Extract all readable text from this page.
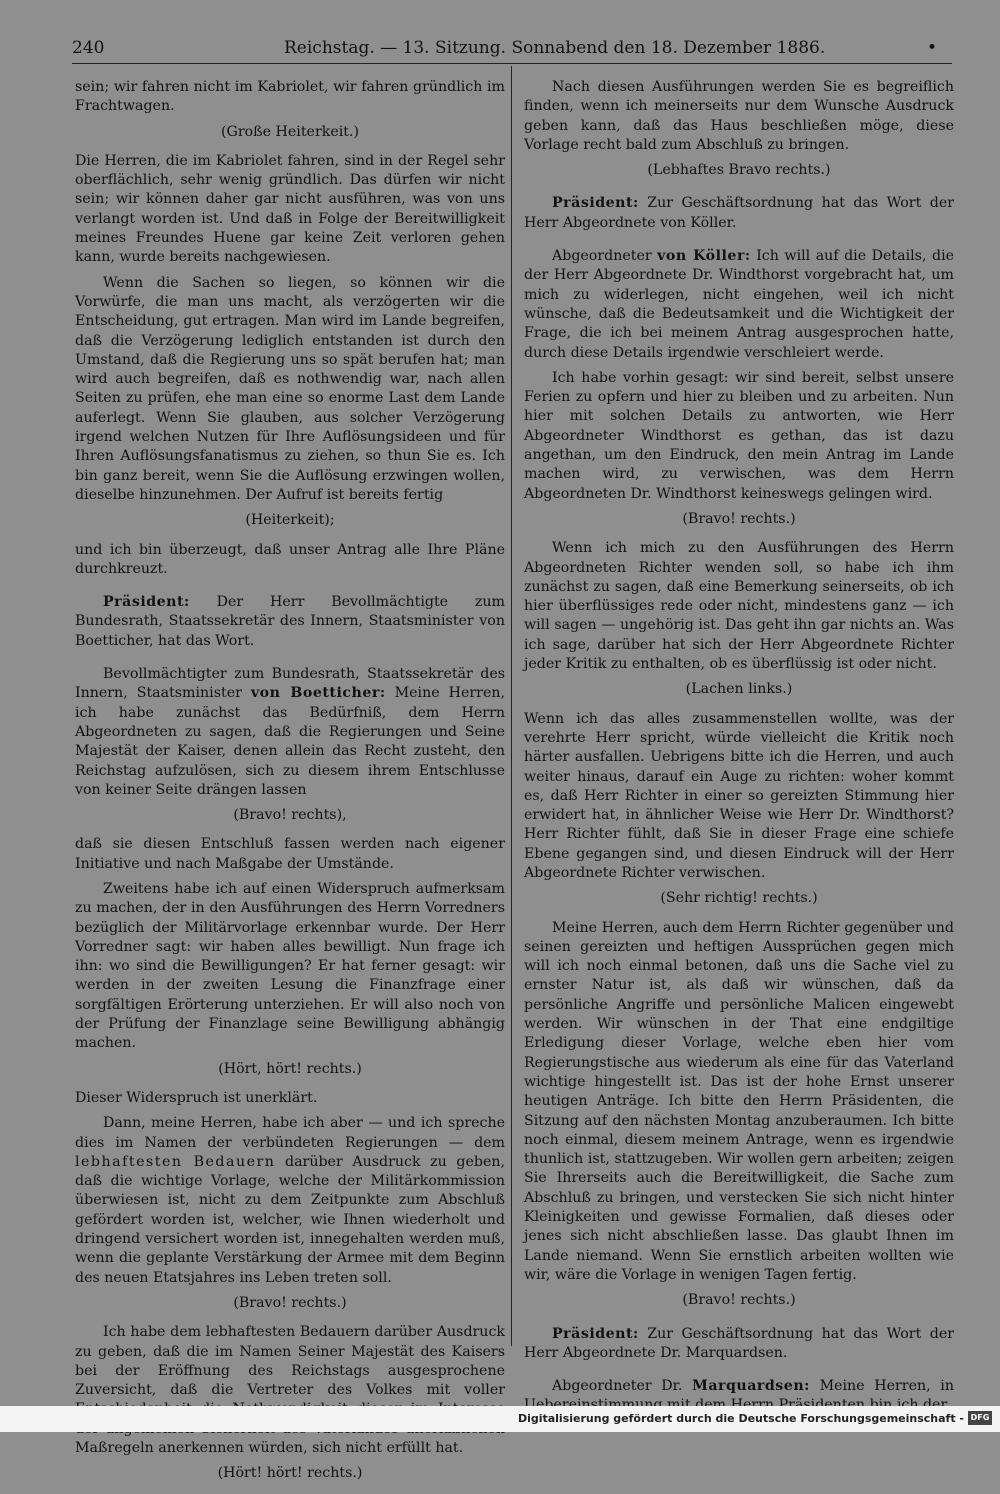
240	Reichstag. — 13. Sitzung. Sonnabend den 18. Dezember 1886.	•

sein; wir fahren nicht im Kabriolet, wir fahren gründlich im Frachtwagen.

(Große Heiterkeit.)

Die Herren, die im Kabriolet fahren, sind in der Regel sehr oberflächlich, sehr wenig gründlich. Das dürfen wir nicht sein; wir können daher gar nicht ausführen, was von uns verlangt worden ist. Und daß in Folge der Bereitwilligkeit meines Freundes Huene gar keine Zeit verloren gehen kann, wurde bereits nachgewiesen.

Wenn die Sachen so liegen, so können wir die Vorwürfe, die man uns macht, als verzögerten wir die Entscheidung, gut ertragen. Man wird im Lande begreifen, daß die Verzögerung lediglich entstanden ist durch den Umstand, daß die Regierung uns so spät berufen hat; man wird auch begreifen, daß es nothwendig war, nach allen Seiten zu prüfen, ehe man eine so enorme Last dem Lande auferlegt. Wenn Sie glauben, aus solcher Verzögerung irgend welchen Nutzen für Ihre Auflösungsideen und für Ihren Auflösungsfanatismus zu ziehen, so thun Sie es. Ich bin ganz bereit, wenn Sie die Auflösung erzwingen wollen, dieselbe hinzunehmen. Der Aufruf ist bereits fertig

(Heiterkeit);

und ich bin überzeugt, daß unser Antrag alle Ihre Pläne durchkreuzt.

Präsident: Der Herr Bevollmächtigte zum Bundesrath, Staatssekretär des Innern, Staatsminister von Boetticher, hat das Wort.

Bevollmächtigter zum Bundesrath, Staatssekretär des Innern, Staatsminister von Boetticher: Meine Herren, ich habe zunächst das Bedürfniß, dem Herrn Abgeordneten zu sagen, daß die Regierungen und Seine Majestät der Kaiser, denen allein das Recht zusteht, den Reichstag aufzulösen, sich zu diesem ihrem Entschlusse von keiner Seite drängen lassen

(Bravo! rechts),

daß sie diesen Entschluß fassen werden nach eigener Initiative und nach Maßgabe der Umstände.

Zweitens habe ich auf einen Widerspruch aufmerksam zu machen, der in den Ausführungen des Herrn Vorredners bezüglich der Militärvorlage erkennbar wurde. Der Herr Vorredner sagt: wir haben alles bewilligt. Nun frage ich ihn: wo sind die Bewilligungen? Er hat ferner gesagt: wir werden in der zweiten Lesung die Finanzfrage einer sorgfältigen Erörterung unterziehen. Er will also noch von der Prüfung der Finanzlage seine Bewilligung abhängig machen.

(Hört, hört! rechts.)

Dieser Widerspruch ist unerklärt.

Dann, meine Herren, habe ich aber — und ich spreche dies im Namen der verbündeten Regierungen — dem lebhaftesten Bedauern darüber Ausdruck zu geben, daß die wichtige Vorlage, welche der Militärkommission überwiesen ist, nicht zu dem Zeitpunkte zum Abschluß gefördert worden ist, welcher, wie Ihnen wiederholt und dringend versichert worden ist, innegehalten werden muß, wenn die geplante Verstärkung der Armee mit dem Beginn des neuen Etatsjahres ins Leben treten soll.

(Bravo! rechts.)

Ich habe dem lebhaftesten Bedauern darüber Ausdruck zu geben, daß die im Namen Seiner Majestät des Kaisers bei der Eröffnung des Reichstags ausgesprochene Zuversicht, daß die Vertreter des Volkes mit voller Maßregeln anerkennen würden, sich nicht erfüllt hat.

(Hört! hört! rechts.)

Nach diesen Ausführungen werden Sie es begreiflich finden, wenn ich meinerseits nur dem Wunsche Ausdruck geben kann, daß das Haus beschließen möge, diese Vorlage recht bald zum Abschluß zu bringen.

(Lebhaftes Bravo rechts.)

Präsident: Zur Geschäftsordnung hat das Wort der Herr Abgeordnete von Köller.

Abgeordneter von Köller: Ich will auf die Details, die der Herr Abgeordnete Dr. Windthorst vorgebracht hat, um mich zu widerlegen, nicht eingehen, weil ich nicht wünsche, daß die Bedeutsamkeit und die Wichtigkeit der Frage, die ich bei meinem Antrag ausgesprochen hatte, durch diese Details irgendwie verschleiert werde.

Ich habe vorhin gesagt: wir sind bereit, selbst unsere Ferien zu opfern und hier zu bleiben und zu arbeiten. Nun hier mit solchen Details zu antworten, wie Herr Abgeordneter Windthorst es gethan, das ist dazu angethan, um den Eindruck, den mein Antrag im Lande machen wird, zu verwischen, was dem Herrn Abgeordneten Dr. Windthorst keineswegs gelingen wird.

(Bravo! rechts.)

Wenn ich mich zu den Ausführungen des Herrn Abgeordneten Richter wenden soll, so habe ich ihm zunächst zu sagen, daß eine Bemerkung seinerseits, ob ich hier überflüssiges rede oder nicht, mindestens ganz — ich will sagen — ungehörig ist. Das geht ihn gar nichts an. Was ich sage, darüber hat sich der Herr Abgeordnete Richter jeder Kritik zu enthalten, ob es überflüssig ist oder nicht.

(Lachen links.)

Wenn ich das alles zusammenstellen wollte, was der verehrte Herr spricht, würde vielleicht die Kritik noch härter ausfallen. Uebrigens bitte ich die Herren, und auch weiter hinaus, darauf ein Auge zu richten: woher kommt es, daß Herr Richter in einer so gereizten Stimmung hier erwidert hat, in ähnlicher Weise wie Herr Dr. Windthorst? Herr Richter fühlt, daß Sie in dieser Frage eine schiefe Ebene gegangen sind, und diesen Eindruck will der Herr Abgeordnete Richter verwischen.

(Sehr richtig! rechts.)

Meine Herren, auch dem Herrn Richter gegenüber und seinen gereizten und heftigen Aussprüchen gegen mich will ich noch einmal betonen, daß uns die Sache viel zu ernster Natur ist, als daß wir wünschen, daß da persönliche Angriffe und persönliche Malicen eingewebt werden. Wir wünschen in der That eine endgiltige Erledigung dieser Vorlage, welche eben hier vom Regierungstische aus wiederum als eine für das Vaterland wichtige hingestellt ist. Das ist der hohe Ernst unserer heutigen Anträge. Ich bitte den Herrn Präsidenten, die Sitzung auf den nächsten Montag anzuberaumen. Ich bitte noch einmal, diesem meinem Antrage, wenn es irgendwie thunlich ist, stattzugeben. Wir wollen gern arbeiten; zeigen Sie Ihrerseits auch die Bereitwilligkeit, die Sache zum Abschluß zu bringen, und verstecken Sie sich nicht hinter Kleinigkeiten und gewisse Formalien, daß dieses oder jenes sich nicht abschließen lasse. Das glaubt Ihnen im Lande niemand. Wenn Sie ernstlich arbeiten wollten wie wir, wäre die Vorlage in wenigen Tagen fertig.

(Bravo! rechts.)

Präsident: Zur Geschäftsordnung hat das Wort der Herr Abgeordnete Dr. Marquardsen.

Abgeordneter Dr. Marquardsen: Meine Herren, in

Digitalisierung gefördert durch die Deutsche Forschungsgemeinschaft - DFG
